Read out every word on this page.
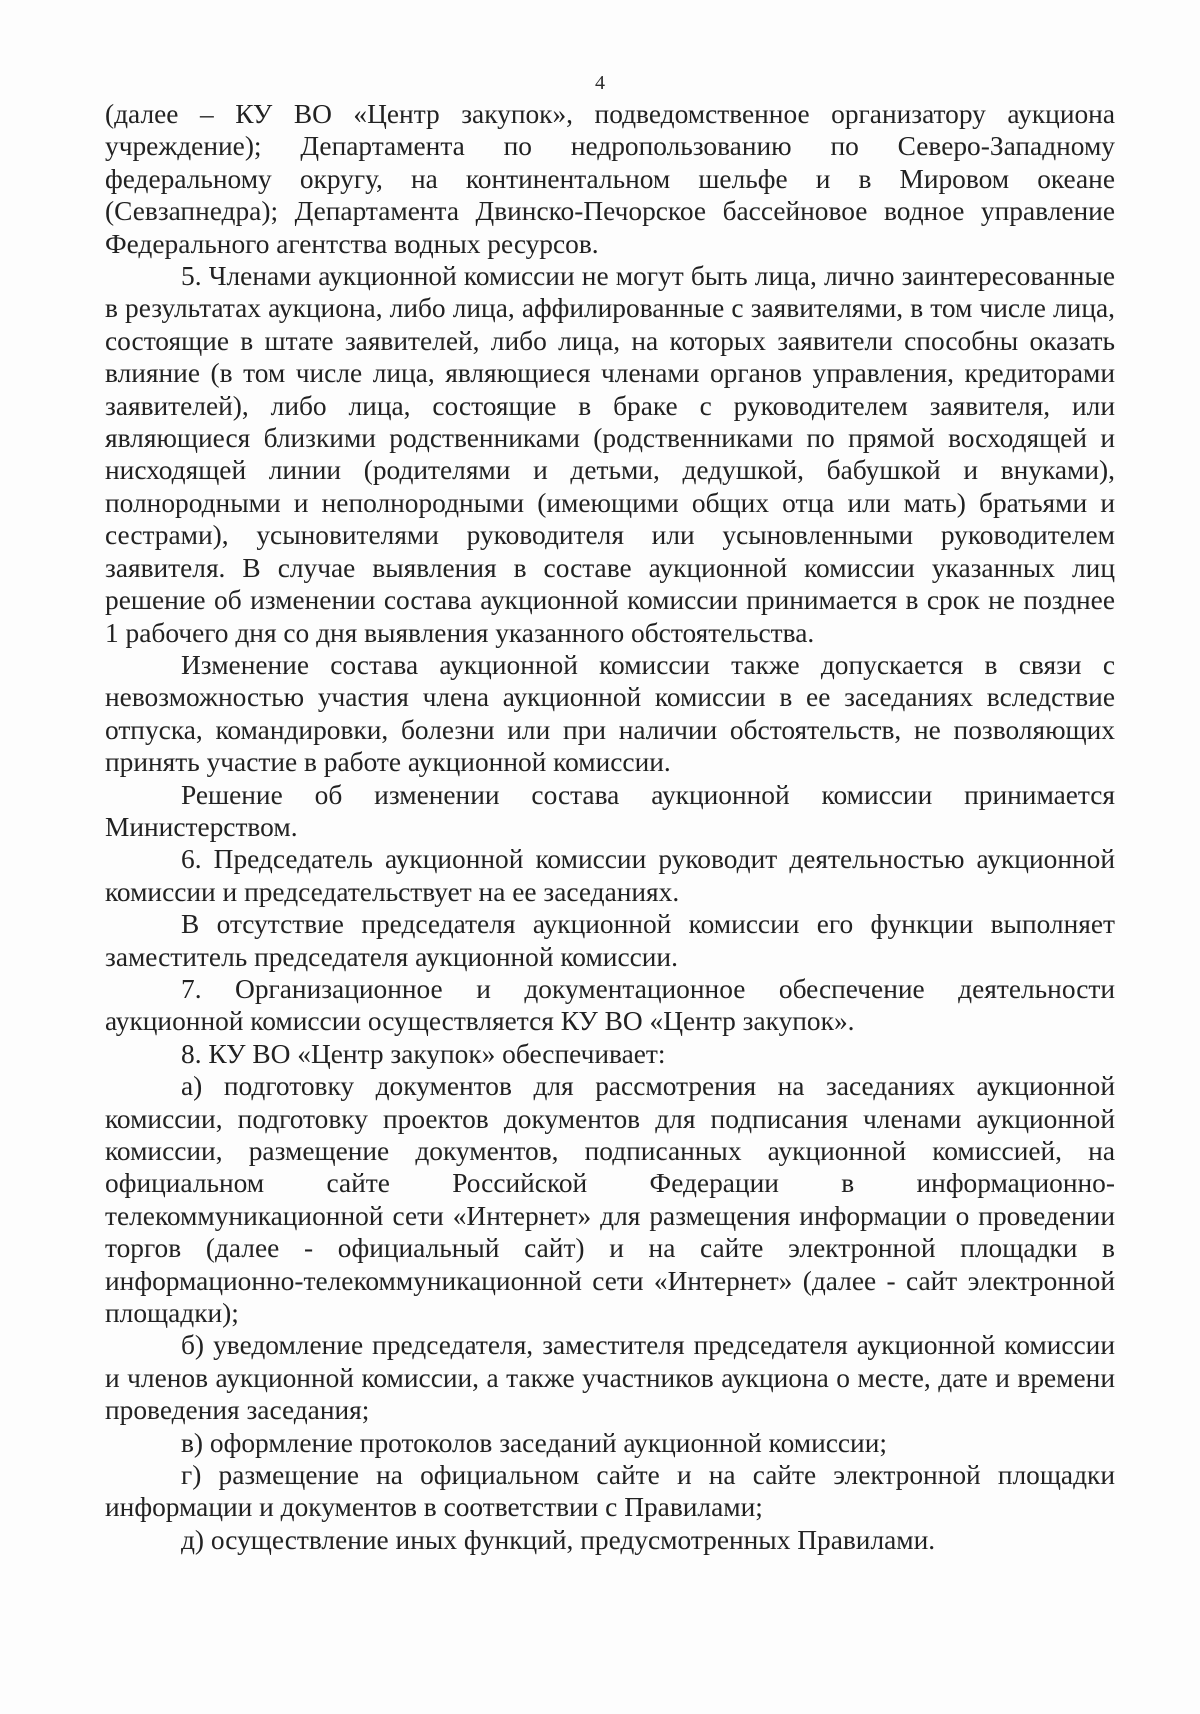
4

(далее – КУ ВО «Центр закупок», подведомственное организатору аукциона учреждение); Департамента по недропользованию по Северо-Западному федеральному округу, на континентальном шельфе и в Мировом океане (Севзапнедра); Департамента Двинско-Печорское бассейновое водное управление Федерального агентства водных ресурсов.

5. Членами аукционной комиссии не могут быть лица, лично заинтересованные в результатах аукциона, либо лица, аффилированные с заявителями, в том числе лица, состоящие в штате заявителей, либо лица, на которых заявители способны оказать влияние (в том числе лица, являющиеся членами органов управления, кредиторами заявителей), либо лица, состоящие в браке с руководителем заявителя, или являющиеся близкими родственниками (родственниками по прямой восходящей и нисходящей линии (родителями и детьми, дедушкой, бабушкой и внуками), полнородными и неполнородными (имеющими общих отца или мать) братьями и сестрами), усыновителями руководителя или усыновленными руководителем заявителя. В случае выявления в составе аукционной комиссии указанных лиц решение об изменении состава аукционной комиссии принимается в срок не позднее 1 рабочего дня со дня выявления указанного обстоятельства.

Изменение состава аукционной комиссии также допускается в связи с невозможностью участия члена аукционной комиссии в ее заседаниях вследствие отпуска, командировки, болезни или при наличии обстоятельств, не позволяющих принять участие в работе аукционной комиссии.

Решение об изменении состава аукционной комиссии принимается Министерством.

6. Председатель аукционной комиссии руководит деятельностью аукционной комиссии и председательствует на ее заседаниях.

В отсутствие председателя аукционной комиссии его функции выполняет заместитель председателя аукционной комиссии.

7. Организационное и документационное обеспечение деятельности аукционной комиссии осуществляется КУ ВО «Центр закупок».

8. КУ ВО «Центр закупок» обеспечивает:

а) подготовку документов для рассмотрения на заседаниях аукционной комиссии, подготовку проектов документов для подписания членами аукционной комиссии, размещение документов, подписанных аукционной комиссией, на официальном сайте Российской Федерации в информационно-телекоммуникационной сети «Интернет» для размещения информации о проведении торгов (далее - официальный сайт) и на сайте электронной площадки в информационно-телекоммуникационной сети «Интернет» (далее - сайт электронной площадки);

б) уведомление председателя, заместителя председателя аукционной комиссии и членов аукционной комиссии, а также участников аукциона о месте, дате и времени проведения заседания;

в) оформление протоколов заседаний аукционной комиссии;

г) размещение на официальном сайте и на сайте электронной площадки информации и документов в соответствии с Правилами;

д) осуществление иных функций, предусмотренных Правилами.
